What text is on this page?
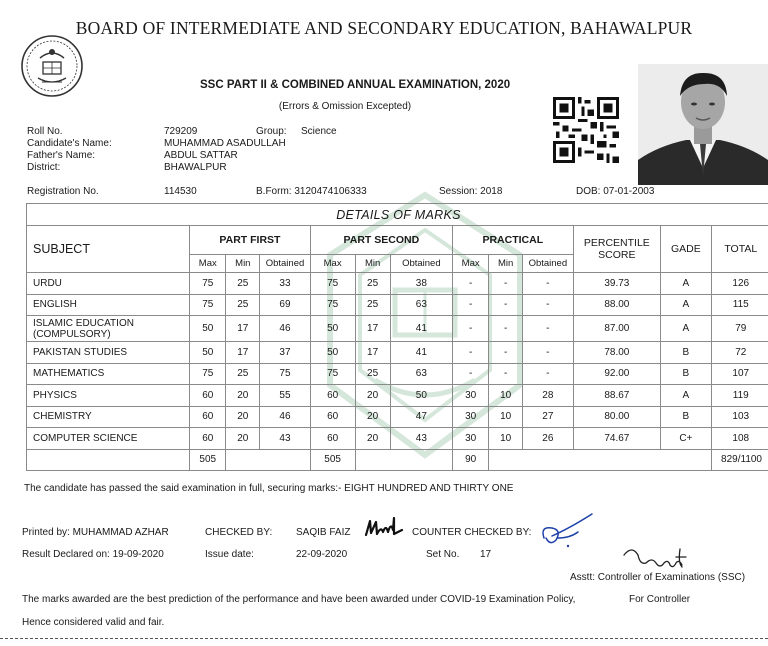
BOARD OF INTERMEDIATE AND SECONDARY EDUCATION, BAHAWALPUR
SSC PART II & COMBINED ANNUAL EXAMINATION, 2020
(Errors & Omission Excepted)
Roll No.	729209	Group: Science
Candidate's Name:	MUHAMMAD ASADULLAH
Father's Name:	ABDUL SATTAR
District:	BHAWALPUR
Registration No.	114530	B.Form: 3120474106333	Session: 2018	DOB: 07-01-2003
DETAILS OF MARKS												
SUBJECT	PART FIRST			PART SECOND			PRACTICAL			PERCENTILE SCORE	GADE	TOTAL
	Max	Min	Obtained	Max	Min	Obtained	Max	Min	Obtained			
URDU	75	25	33	75	25	38	-	-	-	39.73	A	126
ENGLISH	75	25	69	75	25	63	-	-	-	88.00	A	115
ISLAMIC EDUCATION (COMPULSORY)	50	17	46	50	17	41	-	-	-	87.00	A	79
PAKISTAN STUDIES	50	17	37	50	17	41	-	-	-	78.00	B	72
MATHEMATICS	75	25	75	75	25	63	-	-	-	92.00	B	107
PHYSICS	60	20	55	60	20	50	30	10	28	88.67	A	119
CHEMISTRY	60	20	46	60	20	47	30	10	27	80.00	B	103
COMPUTER SCIENCE	60	20	43	60	20	43	30	10	26	74.67	C+	108
	505			505			90					829/1100
The candidate has passed the said examination in full, securing marks:- EIGHT HUNDRED AND THIRTY ONE
Printed by: MUHAMMAD AZHAR	CHECKED BY: SAQIB FAIZ	COUNTER CHECKED BY:
Result Declared on: 19-09-2020	Issue date:	22-09-2020	Set No. 17
Asstt: Controller of Examinations (SSC)
The marks awarded are the best prediction of the performance and have been awarded under COVID-19 Examination Policy,	For Controller
Hence considered valid and fair.
